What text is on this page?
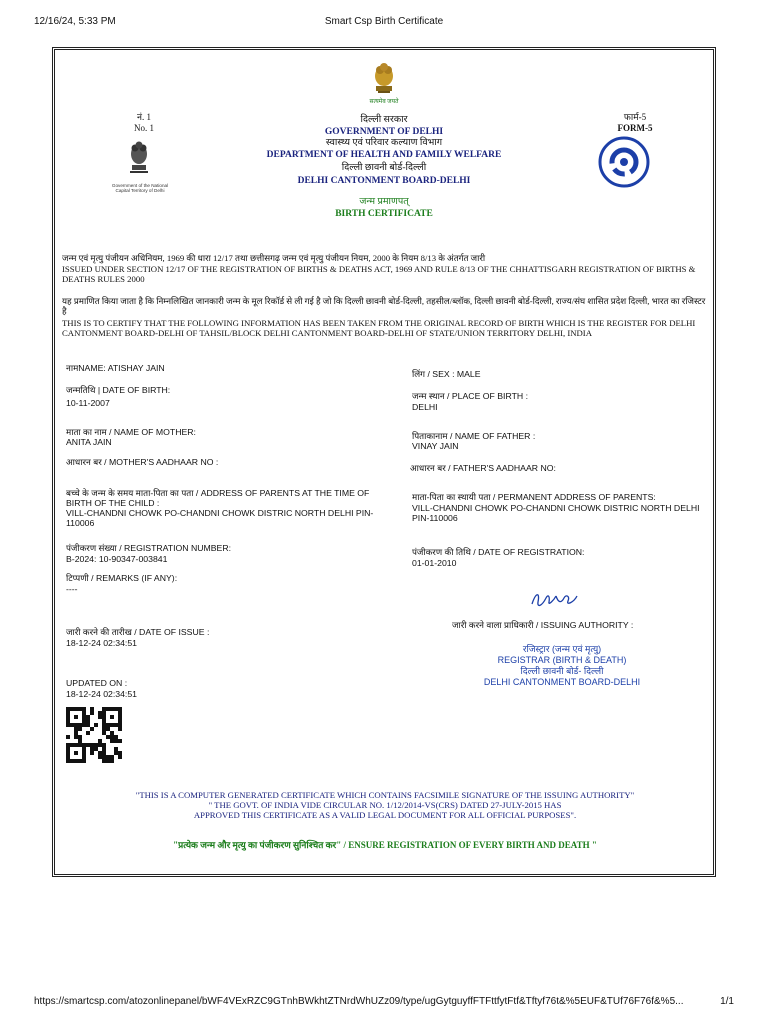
12/16/24, 5:33 PM	Smart Csp Birth Certificate
सत्यमेव जयते
नं. 1
No. 1
फार्म-5
FORM-5
Government of the National Capital Territory of Delhi
दिल्ली सरकार
GOVERNMENT OF DELHI
स्वास्थ्य एवं परिवार कल्याण विभाग
DEPARTMENT OF HEALTH AND FAMILY WELFARE
दिल्ली छावनी बोर्ड-दिल्ली
DELHI CANTONMENT BOARD-DELHI
जन्म प्रमाणपत्
BIRTH CERTIFICATE
जन्म एवं मृत्यु पंजीयन अधिनियम, 1969 की धारा 12/17 तथा छत्तीसगढ़ जन्म एवं मृत्यु पंजीयन नियम, 2000 के नियम 8/13 के अंतर्गत जारी
ISSUED UNDER SECTION 12/17 OF THE REGISTRATION OF BIRTHS & DEATHS ACT, 1969 AND RULE 8/13 OF THE CHHATTISGARH REGISTRATION OF BIRTHS & DEATHS RULES 2000
यह प्रमाणित किया जाता है कि निम्नलिखित जानकारी जन्म के मूल रिकॉर्ड से ली गई है जो कि दिल्ली छावनी बोर्ड-दिल्ली, तहसील/ब्लॉक, दिल्ली छावनी बोर्ड-दिल्ली, राज्य/संघ शासित प्रदेश दिल्ली, भारत का रजिस्टर है
THIS IS TO CERTIFY THAT THE FOLLOWING INFORMATION HAS BEEN TAKEN FROM THE ORIGINAL RECORD OF BIRTH WHICH IS THE REGISTER FOR DELHI CANTONMENT BOARD-DELHI OF TAHSIL/BLOCK DELHI CANTONMENT BOARD-DELHI OF STATE/UNION TERRITORY DELHI, INDIA
नामNAME: ATISHAY JAIN
जन्मतिथि | DATE OF BIRTH:
10-11-2007
माता का नाम / NAME OF MOTHER:
ANITA JAIN
आधारन बर / MOTHER'S AADHAAR NO :
बच्चे के जन्म के समय माता-पिता का पता / ADDRESS OF PARENTS AT THE TIME OF BIRTH OF THE CHILD :
VILL-CHANDNI CHOWK PO-CHANDNI CHOWK DISTRIC NORTH DELHI PIN-110006
पंजीकरण संख्या / REGISTRATION NUMBER:
B-2024: 10-90347-003841
टिप्पणी / REMARKS (IF ANY):
----
जारी करने की तारीख / DATE OF ISSUE :
18-12-24 02:34:51
UPDATED ON :
18-12-24 02:34:51
लिंग / SEX : MALE
जन्म स्थान / PLACE OF BIRTH :
DELHI
पिताकानाम / NAME OF FATHER :
VINAY JAIN
आधारन बर / FATHER'S AADHAAR NO:
माता-पिता का स्थायी पता / PERMANENT ADDRESS OF PARENTS:
VILL-CHANDNI CHOWK PO-CHANDNI CHOWK DISTRIC NORTH DELHI PIN-110006
पंजीकरण की तिथि / DATE OF REGISTRATION:
01-01-2010
जारी करने वाला प्राधिकारी / ISSUING AUTHORITY :
रजिस्ट्रार (जन्म एवं मृत्यु)
REGISTRAR (BIRTH & DEATH)
दिल्ली छावनी बोर्ड- दिल्ली
DELHI CANTONMENT BOARD-DELHI
"THIS IS A COMPUTER GENERATED CERTIFICATE WHICH CONTAINS FACSIMILE SIGNATURE OF THE ISSUING AUTHORITY"
" THE GOVT. OF INDIA VIDE CIRCULAR NO. 1/12/2014-VS(CRS) DATED 27-JULY-2015 HAS
APPROVED THIS CERTIFICATE AS A VALID LEGAL DOCUMENT FOR ALL OFFICIAL PURPOSES".
"प्रत्येक जन्म और मृत्यु का पंजीकरण सुनिश्चित कर" / ENSURE REGISTRATION OF EVERY BIRTH AND DEATH "
https://smartcsp.com/atozonlinepanel/bWF4VExRZC9GTnhBWkhtZTNrdWhUZz09/type/ugGytguyffFTFttfytFtf&Tftyf76t&%5EUF&TUf76F76f&%5...	1/1
